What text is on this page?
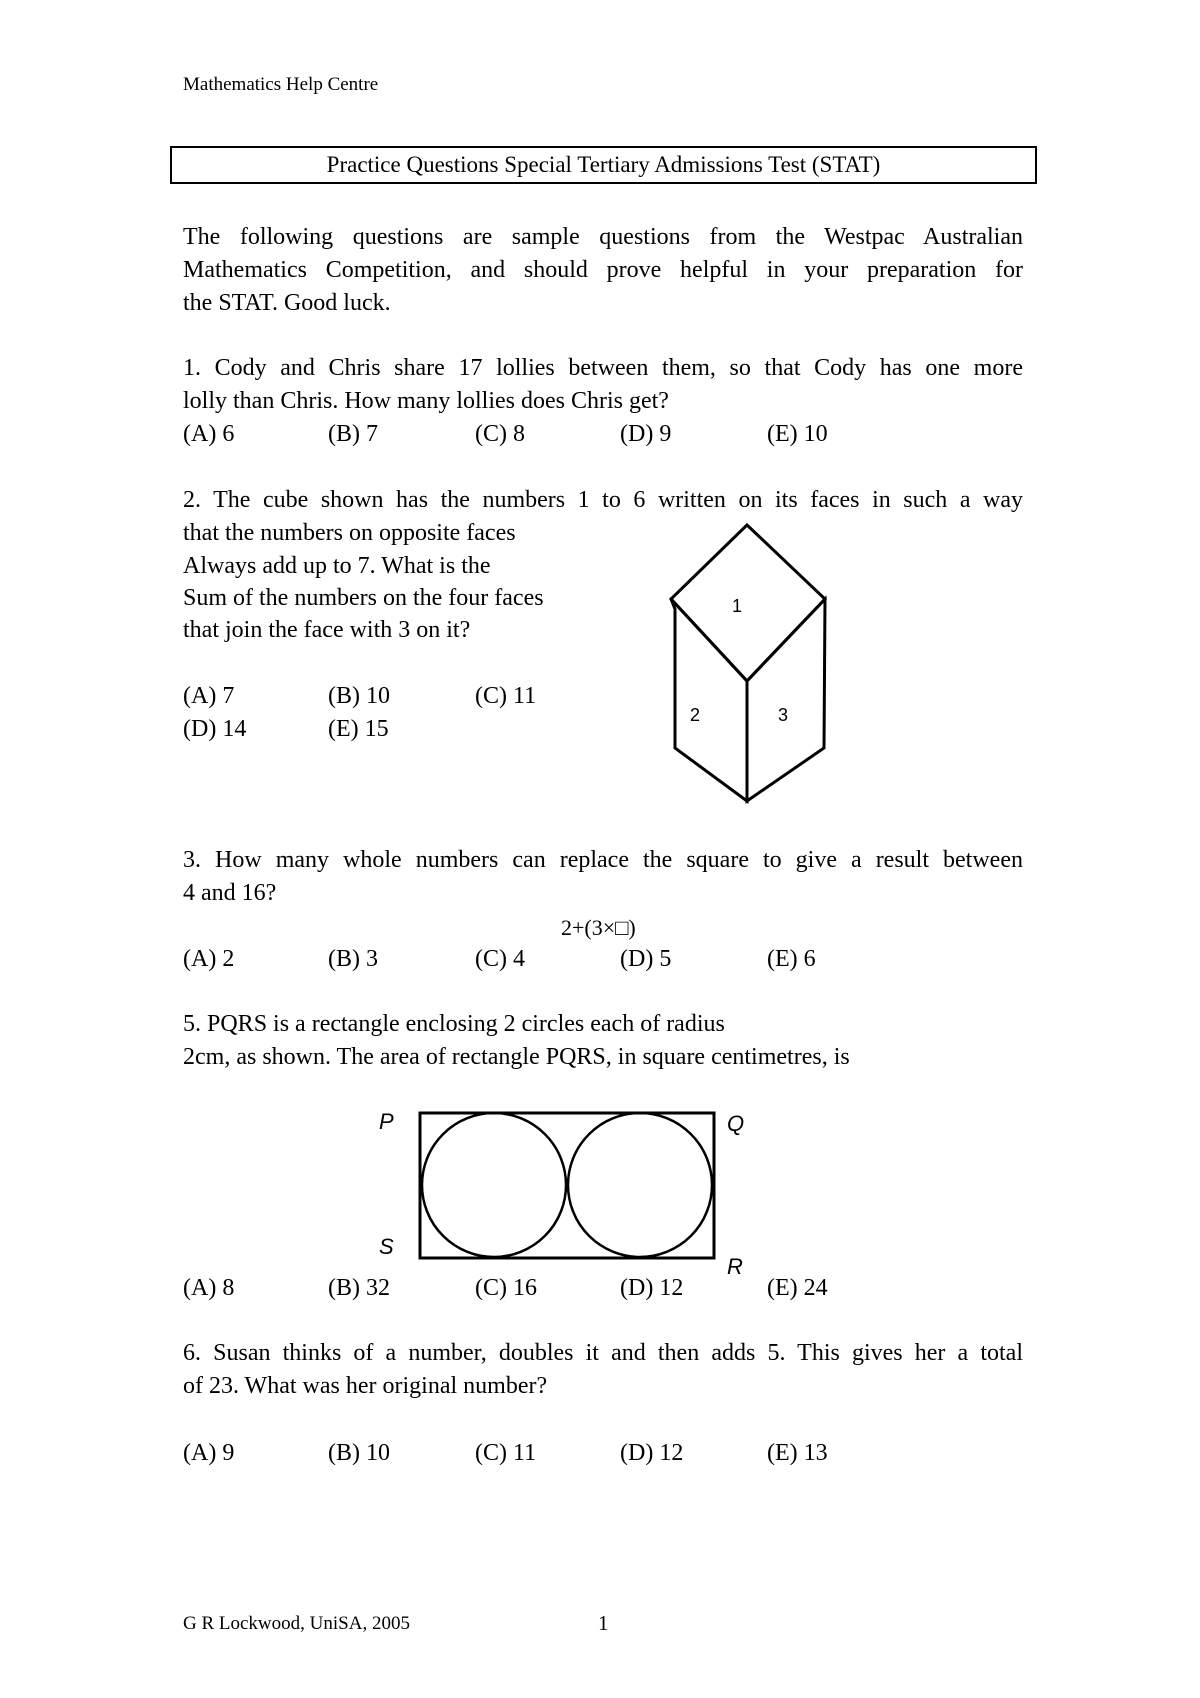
Mathematics Help Centre
Practice Questions Special Tertiary Admissions Test (STAT)
The following questions are sample questions from the Westpac Australian
Mathematics Competition, and should prove helpful in your preparation for
the STAT. Good luck.
1. Cody and Chris share 17 lollies between them, so that Cody has one more
lolly than Chris. How many lollies does Chris get?
(A) 6	(B) 7	(C) 8	(D) 9	(E) 10
2. The cube shown has the numbers 1 to 6 written on its faces in such a way
that the numbers on opposite faces
Always add up to 7. What is the
Sum of the numbers on the four faces
that join the face with 3 on it?
(A) 7	(B) 10	(C) 11
(D) 14	(E) 15
1
2	3
3. How many whole numbers can replace the square to give a result between
4 and 16?
2+(3×□)
(A) 2	(B) 3	(C) 4	(D) 5	(E) 6
5. PQRS is a rectangle enclosing 2 circles each of radius
2cm, as shown. The area of rectangle PQRS, in square centimetres, is
P	Q
S
R
(A) 8	(B) 32	(C) 16	(D) 12	(E) 24
6. Susan thinks of a number, doubles it and then adds 5. This gives her a total
of 23. What was her original number?
(A) 9	(B) 10	(C) 11	(D) 12	(E) 13
G R Lockwood, UniSA, 2005	1
